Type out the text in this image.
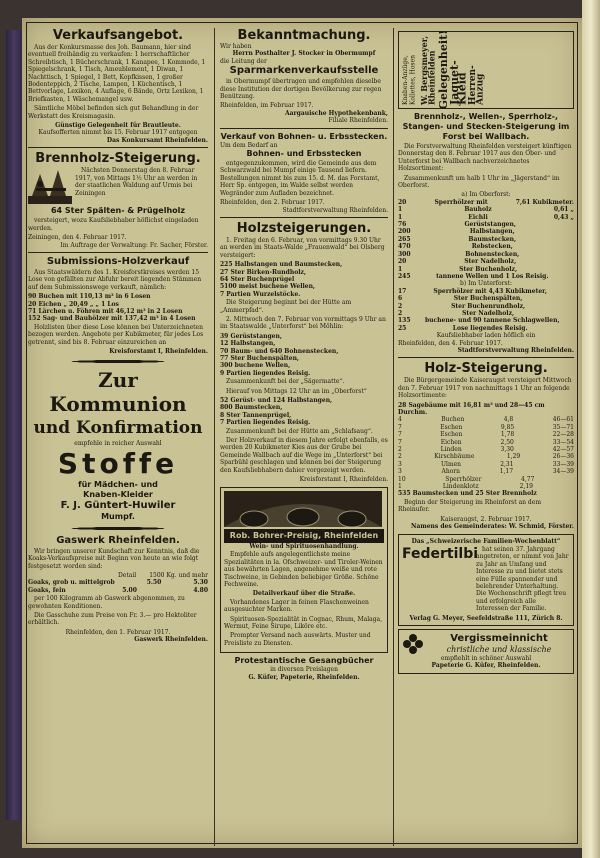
Verkaufsangebot.
Aus der Konkursmasse des Joh. Baumann, hier sind eventuell freihändig zu verkaufen: 1 herrschaftlicher Schreibtisch, 1 Bücherschrank, 1 Kanapee, 1 Kommode, 1 Spiegelschrank, 1 Tisch, Ameublement, 1 Diwan, 1 Nachttisch, 1 Spiegel, 1 Bett, Kopfkissen, 1 großer Bodenteppich, 2 Tische, Lampen, 1 Küchentisch, 1 Bettvorlage, Lexikon, 4 Auflage, 6 Bände, Ortz Lexikon, 1 Briefkasten, 1 Wäschemangel usw.
Sämtliche Möbel befinden sich gut Behandlung in der Werkstatt des Kreismagasin.
Günstige Gelegenheit für Brautleute.
Kaufsofferten nimmt bis 15. Februar 1917 entgegen
Das Konkursamt Rheinfelden.
Brennholz-Steigerung.
Nächsten Donnerstag den 8. Februar 1917, von Mittags 1½ Uhr an werden in der staatlichen Waldung auf Urmis bei Zeiningen
64 Ster Spälten- & Prügelholz
versteigert, wozu Kaufsliebhaber höflichst eingeladen werden.
Zeiningen, den 4. Februar 1917.
Im Auftrage der Verwaltung: Fr. Sacher, Förster.
Submissions-Holzverkauf
Aus Staatswäldern des 1. Kreisforstkreises werden 15 Lose von gefällten zur Abfuhr bereit liegenden Stämmen auf dem Submissionswege verkauft, nämlich:
90 Buchen mit 110,13 m³ in 6 Losen
20 Eichen „ 20,49 „ „ 1 Los
71 Lärchen u. Föhren mit 46,12 m³ in 2 Losen
152 Sag- und Bauhölzer mit 137,42 m³ in 4 Losen
Holzlisten über diese Lose können bei Unterzeichneten bezogen werden. Angebote per Kubikmeter, für jedes Los getrennt, sind bis 8. Februar einzureichen an
Kreisforstamt I, Rheinfelden.
Zur Kommunion
und Konfirmation
empfehle in reicher Auswahl
Stoffe
für Mädchen- und
Knaben-Kleider
F. J. Güntert-Huwiler
Mumpf.
Gaswerk Rheinfelden.
Wir bringen unserer Kundschaft zur Kenntnis, daß die Koaks-Verkaufspreise mit Beginn von heute an wie folgt festgesetzt worden sind:
Detail 1500 Kg. und mehr
Goaks, grob u. mittelgrob	5.50	5.30
Goaks, fein	5.00	4.80
per 100 Kilogramm ab Gaswerk abgenommen, zu gewohnten Konditionen.
Die Gasschuhe zum Preise von Fr. 3.— pro Hektoliter erhältlich.
Rheinfelden, den 1. Februar 1917.
Gaswerk Rheinfelden.
Bekanntmachung.
Wir haben
Herrn Posthalter J. Stocker in Obermumpf
die Leitung der
Sparmarkenverkaufsstelle
in Obermumpf übertragen und empfehlen dieselbe diese Institution der dortigen Bevölkerung zur regen Benützung.
Rheinfelden, im Februar 1917.
Aargauische Hypothekenbank,
Filiale Rheinfelden.
Verkauf von Bohnen- u. Erbsstecken.
Um dem Bedarf an
Bohnen- und Erbsstecken
entgegenzukommen, wird die Gemeinde aus dem Schwarzwald bei Mumpf einige Tausend liefern. Bestellungen nimmt bis zum 15. d. M. das Forstamt, Herr Sp. entgegen, im Walde selbst werden Wegränder zum Aufladen bezeichnet.
Rheinfelden, den 2. Februar 1917.
Stadtforstverwaltung Rheinfelden.
Holzsteigerungen.
1. Freitag den 6. Februar, von vormittags 9.30 Uhr an werden im Staats-Walde „Frauenwald“ bei Olsberg versteigert:
225 Halbstangen und Baumstecken,
27 Ster Birken-Rundholz,
64 Ster Buchenprügel
5100 meist buchene Wellen,
7 Partien Wurzelstöcke.
Die Steigerung beginnt bei der Hütte am „Ammerpfad“.
2. Mittwoch den 7. Februar von vormittags 9 Uhr an im Staatswalde „Unterforst“ bei Möhlin:
39 Gerüststangen,
12 Halbstangen,
70 Baum- und 640 Bohnenstecken,
77 Ster Buchenspälten,
300 buchene Wellen,
9 Partien liegendes Reisig.
Zusammenkunft bei der „Sägermatte“.
Hierauf von Mittags 12 Uhr an im „Oberforst“
52 Gerüst- und 124 Halbstangen,
800 Baumstecken,
8 Ster Tannenprügel,
7 Partien liegendes Reisig.
Zusammenkunft bei der Hütte am „Schlafsaug“.
Der Holzverkauf in diesem Jahre erfolgt ebenfalls, es werden 20 Kubikmeter Kies aus der Grube bei Gemeinde Wallbach auf die Wege im „Unterforst“ bei Sparbühl geschlagen und können bei der Steigerung den Kaufsliebhabern dahier vorgezeigt werden.
Kreisforstamt I, Rheinfelden.
Rob. Bohrer-Preisig, Rheinfelden
Wein- und Spirituosenhandlung.
Empfehle aufs angelegentlichste meine Spezialitäten in la. Ofschweizer- und Tiroler-Weinen aus bewährten Lagen, angenehme weiße und rote Tischweine, in Gebinden beliebiger Größe. Schöne Fechweine.
Detailverkauf über die Straße.
Vorhandenes Lager in feinen Flaschenweinen ausgesuchter Marken.
Spirituosen-Spezialität in Cognac, Rhum, Malaga, Wermut, Feine Sirupe, Liköre etc.
Prompter Versand nach auswärts. Muster und Preisliste zu Diensten.
Protestantische Gesangbücher
in diversen Preislagen
G. Küfer, Papeterie, Rheinfelden.
Knaben-Anzüge, Kollettes, Hosen W. Bergsmeyer, Rheinfelden Gelegenheit!
Jaquet-Kleid Herren-Anzug
Brennholz-, Wellen-, Sperrholz-, Stangen- und Stecken-Steigerung im Forst bei Wallbach.
Die Forstverwaltung Rheinfelden versteigert künftigen Donnerstag den 8. Februar 1917 aus den Ober- und Unterforst bei Wallbach nachverzeichnetes Holzsortiment:
Zusammenkunft um halb 1 Uhr im „Jägerstand“ im Oberforst.
a) Im Oberforst:
20	Sperrhölzer mit	7,61 Kubikmeter.
1	Bauholz	0,61 „
1	Eichli	0,43 „
76	Gerüststangen,
200	Halbstangen,
265	Baumstecken,
470	Rebstecken,
300	Bohnenstecken,
20	Ster Nadelholz,
1	Ster Buchenholz,
245	tannene Wellen und 1 Los Reisig.
b) Im Unterforst:
17	Sperrhölzer mit 4,43 Kubikmeter,
6	Ster Buchenspälten,
2	Ster Buchenrundholz,
2	Ster Nadelholz,
135 buchene- und 90 tannene Schlagwellen,
25	Lose liegendes Reisig.
Kaufsliebhaber laden höflich ein
Rheinfelden, den 4. Februar 1917.
Stadtforstverwaltung Rheinfelden.
Holz-Steigerung.
Die Bürgergemeinde Kaiseraugst versteigert Mittwoch den 7. Februar 1917 von nachmittags 1 Uhr an folgende Holzsortimente:
28 Sagebäume mit 16,81 m³ und 28—45 cm Durchm.
4	Buchen	4,8	46—61
7	Eschen	9,85	35—71
7	Eschen	1,78	22—28
7	Eichen	2,50	33—54
2	Linden	3,30	42—57
2	Kirschbäume	1,29	26—36
3	Ulmen	2,31	33—39
3	Ahorn	1,17	34—39
10	Sperrhölzer	4,77
1	Lindenklotz	2,19
535 Baumstecken und 25 Ster Brennholz
Beginn der Steigerung im Rheinforst an dem Rheinufer.
Kaiseraugst, 2. Februar 1917.
Namens des Gemeinderates: W. Schmid, Förster.
Das „Schweizerische Familien-Wochenblatt“
Federtilbi hat seinen 37. Jahrgang angetreten, er nimmt von Jahr zu Jahr an Umfang und Interesse zu und bietet stets eine Fülle spannender und belehrender Unterhaltung. Die Wochenschrift pflegt treu und erfolgreich alle Interessen der Familie.
Verlag G. Meyer, Seefeldstraße 111, Zürich 8.
Vergissmeinnicht
christliche und klassische
empfiehlt in schöner Auswahl
Papeterie G. Küfer, Rheinfelden.
